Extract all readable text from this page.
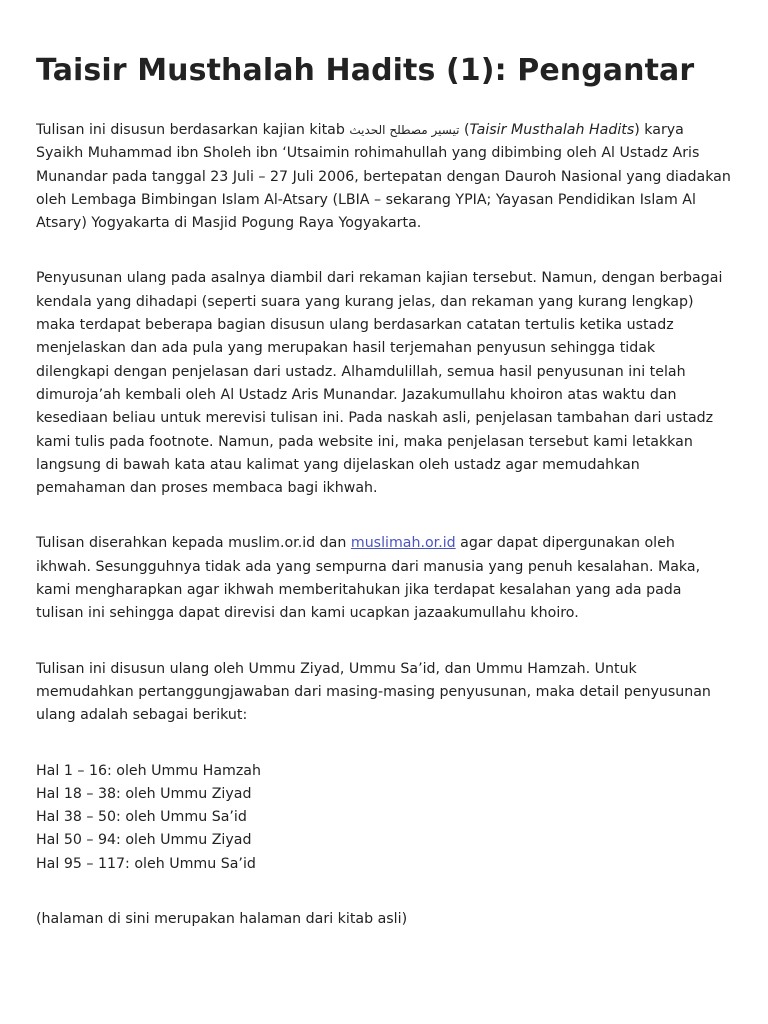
Taisir Musthalah Hadits (1): Pengantar

Tulisan ini disusun berdasarkan kajian kitab تيسير مصطلح الحديث (Taisir Musthalah Hadits) karya Syaikh Muhammad ibn Sholeh ibn ‘Utsaimin rohimahullah yang dibimbing oleh Al Ustadz Aris Munandar pada tanggal 23 Juli – 27 Juli 2006, bertepatan dengan Dauroh Nasional yang diadakan oleh Lembaga Bimbingan Islam Al-Atsary (LBIA – sekarang YPIA; Yayasan Pendidikan Islam Al Atsary) Yogyakarta di Masjid Pogung Raya Yogyakarta.

Penyusunan ulang pada asalnya diambil dari rekaman kajian tersebut. Namun, dengan berbagai kendala yang dihadapi (seperti suara yang kurang jelas, dan rekaman yang kurang lengkap) maka terdapat beberapa bagian disusun ulang berdasarkan catatan tertulis ketika ustadz menjelaskan dan ada pula yang merupakan hasil terjemahan penyusun sehingga tidak dilengkapi dengan penjelasan dari ustadz. Alhamdulillah, semua hasil penyusunan ini telah dimuroja’ah kembali oleh Al Ustadz Aris Munandar. Jazakumullahu khoiron atas waktu dan kesediaan beliau untuk merevisi tulisan ini. Pada naskah asli, penjelasan tambahan dari ustadz kami tulis pada footnote. Namun, pada website ini, maka penjelasan tersebut kami letakkan langsung di bawah kata atau kalimat yang dijelaskan oleh ustadz agar memudahkan pemahaman dan proses membaca bagi ikhwah.

Tulisan diserahkan kepada muslim.or.id dan muslimah.or.id agar dapat dipergunakan oleh ikhwah. Sesungguhnya tidak ada yang sempurna dari manusia yang penuh kesalahan. Maka, kami mengharapkan agar ikhwah memberitahukan jika terdapat kesalahan yang ada pada tulisan ini sehingga dapat direvisi dan kami ucapkan jazaakumullahu khoiro.

Tulisan ini disusun ulang oleh Ummu Ziyad, Ummu Sa’id, dan Ummu Hamzah. Untuk memudahkan pertanggungjawaban dari masing-masing penyusunan, maka detail penyusunan ulang adalah sebagai berikut:

Hal 1 – 16: oleh Ummu Hamzah
Hal 18 – 38: oleh Ummu Ziyad
Hal 38 – 50: oleh Ummu Sa’id
Hal 50 – 94: oleh Ummu Ziyad
Hal 95 – 117: oleh Ummu Sa’id

(halaman di sini merupakan halaman dari kitab asli)
